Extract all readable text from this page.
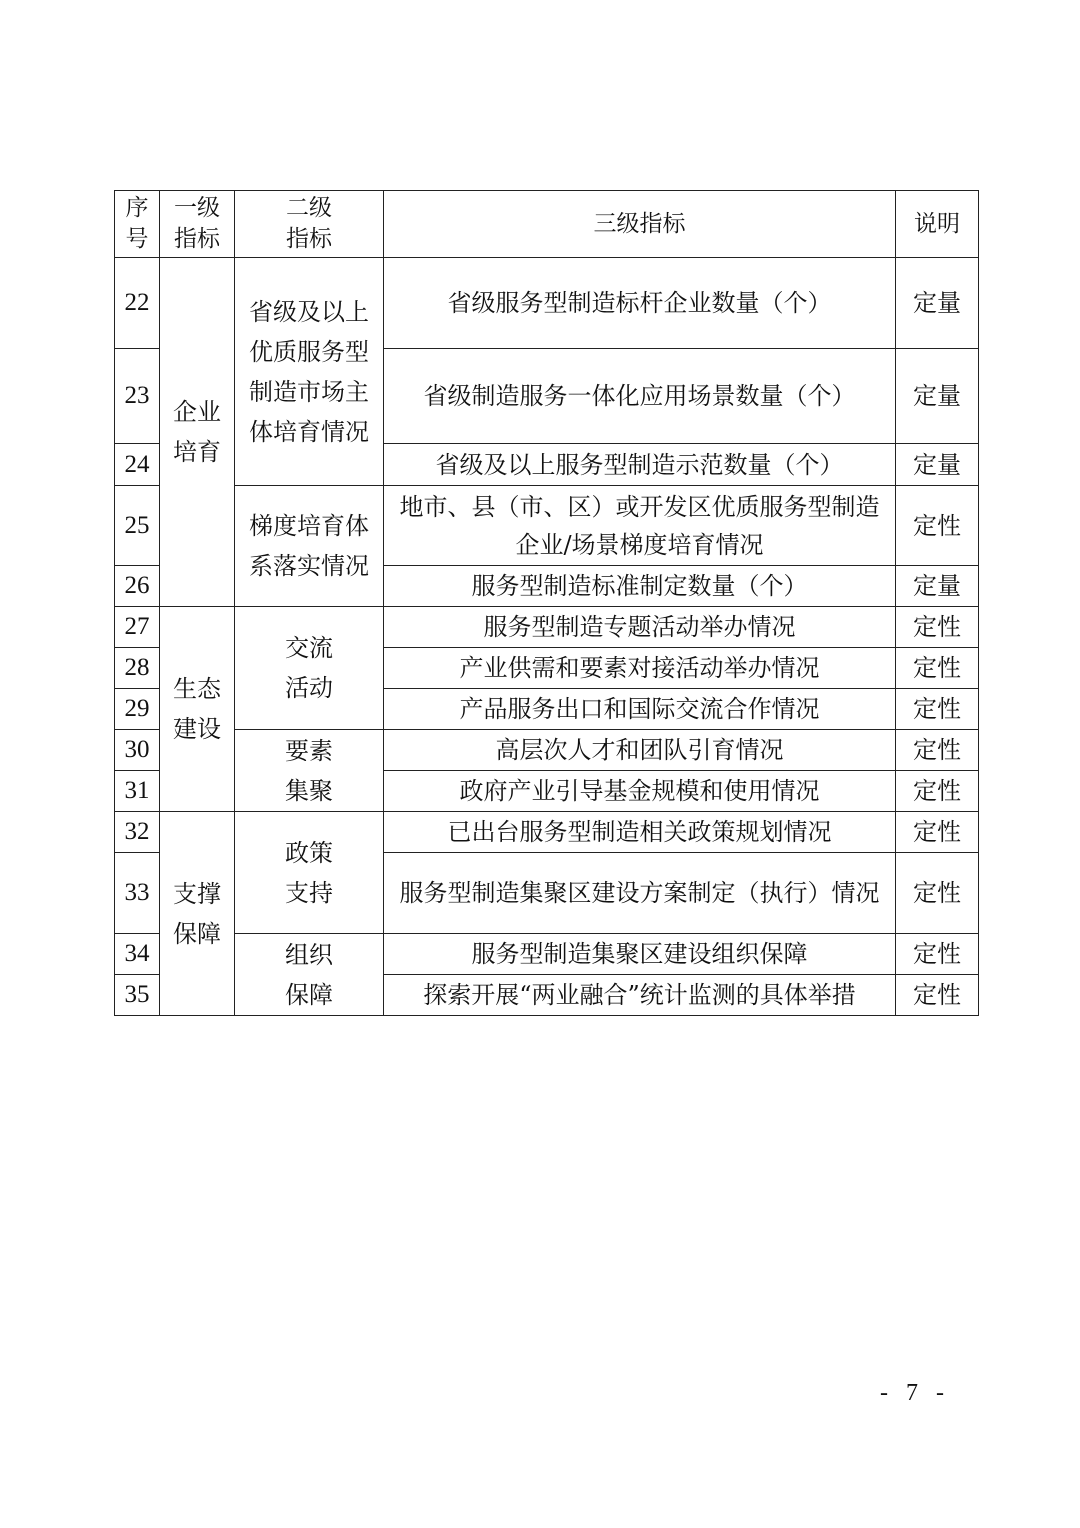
序号	一级指标	二级指标	三级指标	说明
22	企业培育	省级及以上优质服务型制造市场主体培育情况	省级服务型制造标杆企业数量（个）	定量
23			省级制造服务一体化应用场景数量（个）	定量
24			省级及以上服务型制造示范数量（个）	定量
25		梯度培育体系落实情况	地市、县（市、区）或开发区优质服务型制造企业/场景梯度培育情况	定性
26			服务型制造标准制定数量（个）	定量
27	生态建设	交流活动	服务型制造专题活动举办情况	定性
28			产业供需和要素对接活动举办情况	定性
29			产品服务出口和国际交流合作情况	定性
30		要素集聚	高层次人才和团队引育情况	定性
31			政府产业引导基金规模和使用情况	定性
32	支撑保障	政策支持	已出台服务型制造相关政策规划情况	定性
33			服务型制造集聚区建设方案制定（执行）情况	定性
34		组织保障	服务型制造集聚区建设组织保障	定性
35			探索开展“两业融合”统计监测的具体举措	定性
- 7 -
